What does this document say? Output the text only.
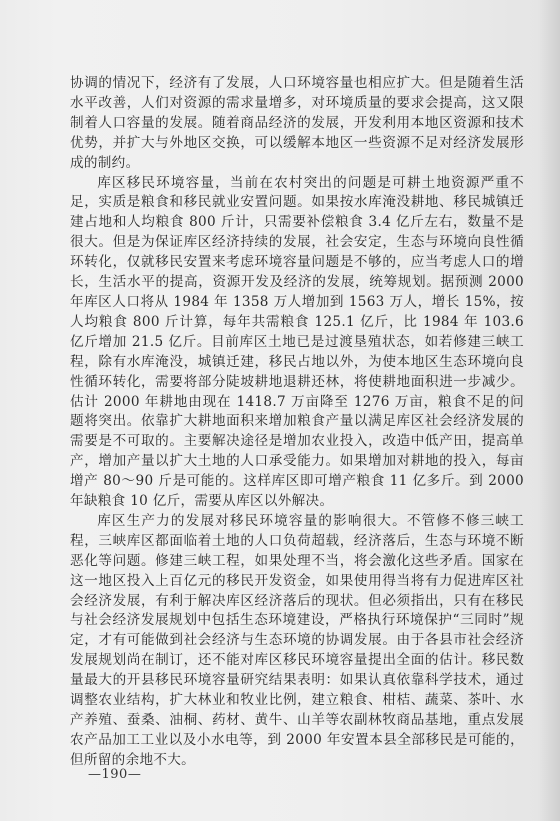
协调的情况下，经济有了发展，人口环境容量也相应扩大。但是随着生活水平改善，人们对资源的需求量增多，对环境质量的要求会提高，这又限制着人口容量的发展。随着商品经济的发展，开发利用本地区资源和技术优势，并扩大与外地区交换，可以缓解本地区一些资源不足对经济发展形成的制约。

库区移民环境容量，当前在农村突出的问题是可耕土地资源严重不足，实质是粮食和移民就业安置问题。如果按水库淹没耕地、移民城镇迁建占地和人均粮食 800 斤计，只需要补偿粮食 3.4 亿斤左右，数量不是很大。但是为保证库区经济持续的发展，社会安定，生态与环境向良性循环转化，仅就移民安置来考虑环境容量问题是不够的，应当考虑人口的增长，生活水平的提高，资源开发及经济的发展，统筹规划。据预测 2000 年库区人口将从 1984 年 1358 万人增加到 1563 万人，增长 15%，按人均粮食 800 斤计算，每年共需粮食 125.1 亿斤，比 1984 年 103.6 亿斤增加 21.5 亿斤。目前库区土地已是过渡垦殖状态，如若修建三峡工程，除有水库淹没，城镇迁建，移民占地以外，为使本地区生态环境向良性循环转化，需要将部分陡坡耕地退耕还林，将使耕地面积进一步减少。估计 2000 年耕地由现在 1418.7 万亩降至 1276 万亩，粮食不足的问题将突出。依靠扩大耕地面积来增加粮食产量以满足库区社会经济发展的需要是不可取的。主要解决途径是增加农业投入，改造中低产田，提高单产，增加产量以扩大土地的人口承受能力。如果增加对耕地的投入，每亩增产 80～90 斤是可能的。这样库区即可增产粮食 11 亿多斤。到 2000 年缺粮食 10 亿斤，需要从库区以外解决。

库区生产力的发展对移民环境容量的影响很大。不管修不修三峡工程，三峡库区都面临着土地的人口负荷超载，经济落后，生态与环境不断恶化等问题。修建三峡工程，如果处理不当，将会激化这些矛盾。国家在这一地区投入上百亿元的移民开发资金，如果使用得当将有力促进库区社会经济发展，有利于解决库区经济落后的现状。但必须指出，只有在移民与社会经济发展规划中包括生态环境建设，严格执行环境保护“三同时”规定，才有可能做到社会经济与生态环境的协调发展。由于各县市社会经济发展规划尚在制订，还不能对库区移民环境容量提出全面的估计。移民数量最大的开县移民环境容量研究结果表明：如果认真依靠科学技术，通过调整农业结构，扩大林业和牧业比例，建立粮食、柑桔、蔬菜、茶叶、水产养殖、蚕桑、油桐、药材、黄牛、山羊等农副林牧商品基地，重点发展农产品加工工业以及小水电等，到 2000 年安置本县全部移民是可能的，但所留的余地不大。

—190—
